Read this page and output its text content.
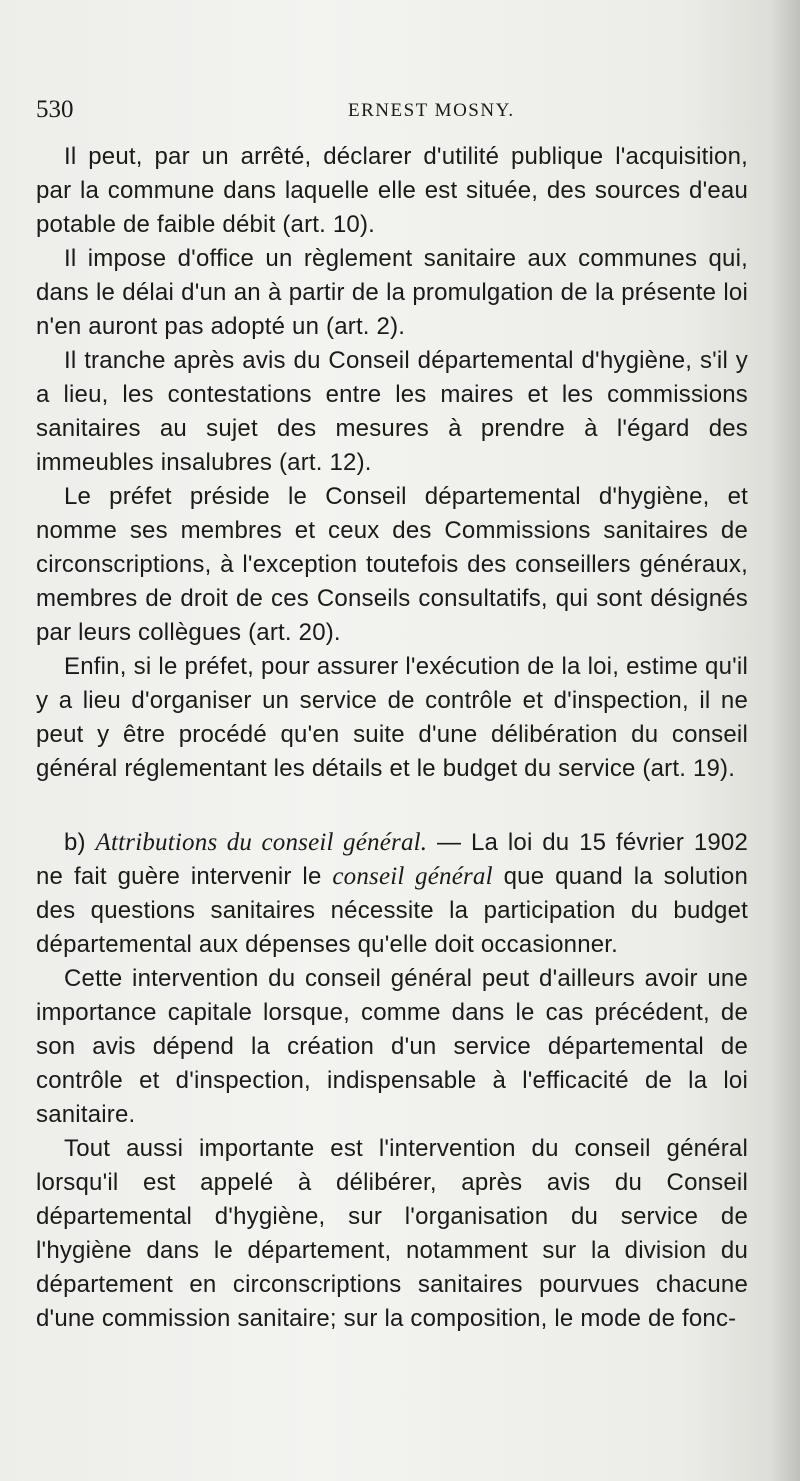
530	ERNEST MOSNY.

Il peut, par un arrêté, déclarer d'utilité publique l'acquisition, par la commune dans laquelle elle est située, des sources d'eau potable de faible débit (art. 10).

Il impose d'office un règlement sanitaire aux communes qui, dans le délai d'un an à partir de la promulgation de la présente loi n'en auront pas adopté un (art. 2).

Il tranche après avis du Conseil départemental d'hygiène, s'il y a lieu, les contestations entre les maires et les commissions sanitaires au sujet des mesures à prendre à l'égard des immeubles insalubres (art. 12).

Le préfet préside le Conseil départemental d'hygiène, et nomme ses membres et ceux des Commissions sanitaires de circonscriptions, à l'exception toutefois des conseillers généraux, membres de droit de ces Conseils consultatifs, qui sont désignés par leurs collègues (art. 20).

Enfin, si le préfet, pour assurer l'exécution de la loi, estime qu'il y a lieu d'organiser un service de contrôle et d'inspection, il ne peut y être procédé qu'en suite d'une délibération du conseil général réglementant les détails et le budget du service (art. 19).

b) Attributions du conseil général. — La loi du 15 février 1902 ne fait guère intervenir le conseil général que quand la solution des questions sanitaires nécessite la participation du budget départemental aux dépenses qu'elle doit occasionner.

Cette intervention du conseil général peut d'ailleurs avoir une importance capitale lorsque, comme dans le cas précédent, de son avis dépend la création d'un service départemental de contrôle et d'inspection, indispensable à l'efficacité de la loi sanitaire.

Tout aussi importante est l'intervention du conseil général lorsqu'il est appelé à délibérer, après avis du Conseil départemental d'hygiène, sur l'organisation du service de l'hygiène dans le département, notamment sur la division du département en circonscriptions sanitaires pourvues chacune d'une commission sanitaire; sur la composition, le mode de fonc-
